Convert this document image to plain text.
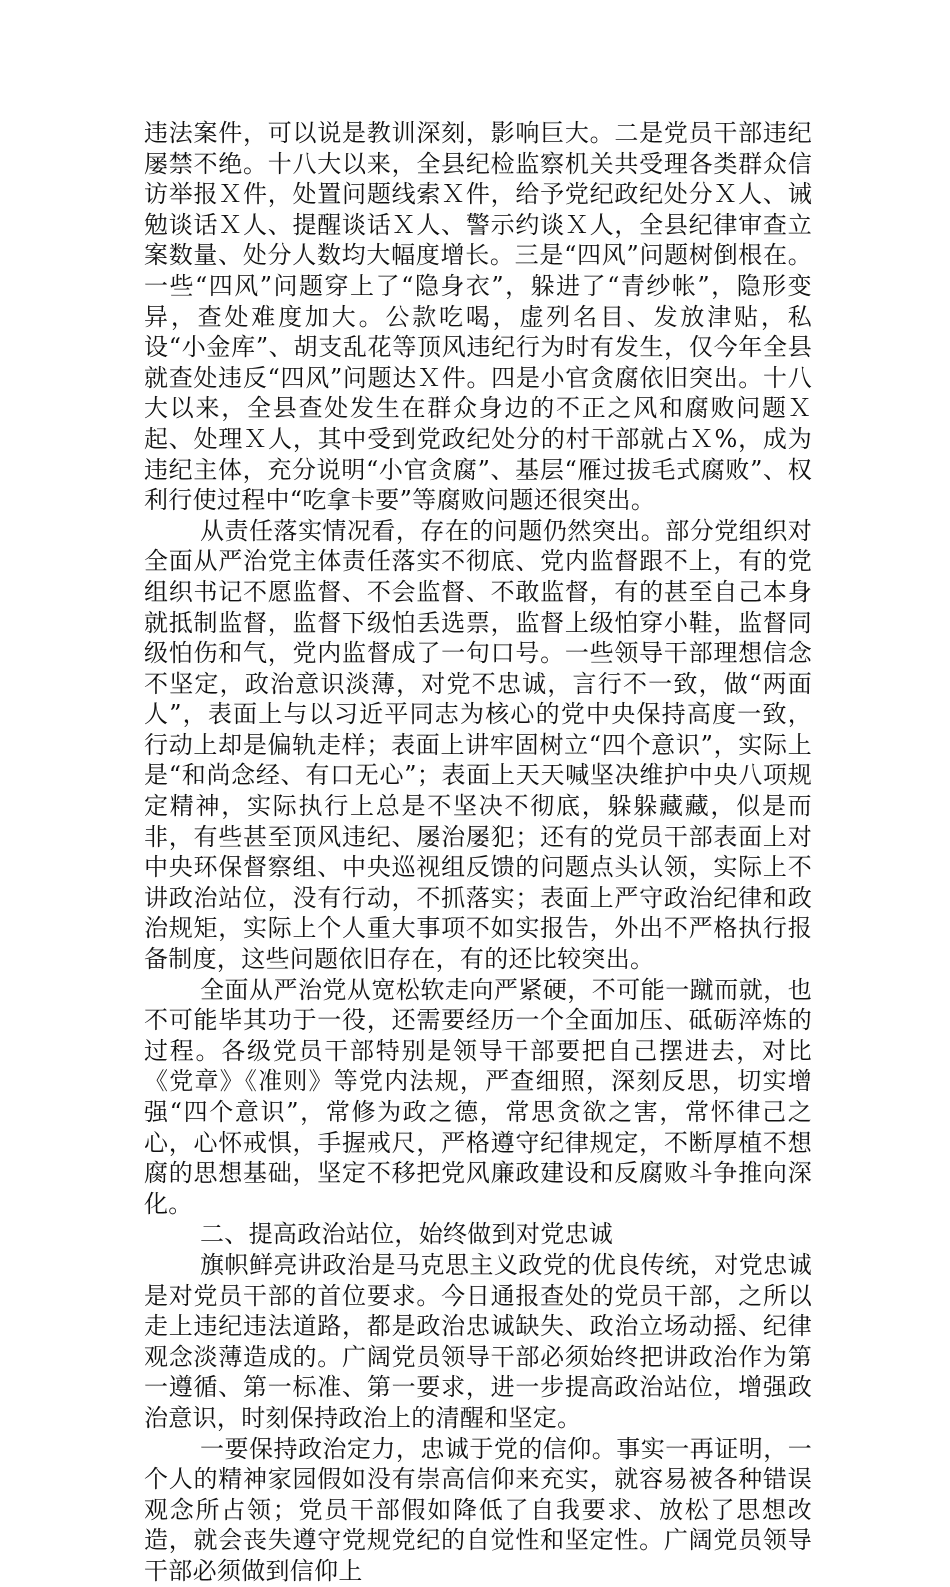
违法案件，可以说是教训深刻，影响巨大。二是党员干部违纪屡禁不绝。十八大以来，全县纪检监察机关共受理各类群众信访举报Ｘ件，处置问题线索Ｘ件，给予党纪政纪处分Ｘ人、诫勉谈话Ｘ人、提醒谈话Ｘ人、警示约谈Ｘ人，全县纪律审查立案数量、处分人数均大幅度增长。三是“四风”问题树倒根在。一些“四风”问题穿上了“隐身衣”，躲进了“青纱帐”，隐形变异，查处难度加大。公款吃喝，虚列名目、发放津贴，私设“小金库”、胡支乱花等顶风违纪行为时有发生，仅今年全县就查处违反“四风”问题达Ｘ件。四是小官贪腐依旧突出。十八大以来，全县查处发生在群众身边的不正之风和腐败问题Ｘ起、处理Ｘ人，其中受到党政纪处分的村干部就占Ｘ%，成为违纪主体，充分说明“小官贪腐”、基层“雁过拔毛式腐败”、权利行使过程中“吃拿卡要”等腐败问题还很突出。

从责任落实情况看，存在的问题仍然突出。部分党组织对全面从严治党主体责任落实不彻底、党内监督跟不上，有的党组织书记不愿监督、不会监督、不敢监督，有的甚至自己本身就抵制监督，监督下级怕丢选票，监督上级怕穿小鞋，监督同级怕伤和气，党内监督成了一句口号。一些领导干部理想信念不坚定，政治意识淡薄，对党不忠诚，言行不一致，做“两面人”，表面上与以习近平同志为核心的党中央保持高度一致，行动上却是偏轨走样；表面上讲牢固树立“四个意识”，实际上是“和尚念经、有口无心”；表面上天天喊坚决维护中央八项规定精神，实际执行上总是不坚决不彻底，躲躲藏藏，似是而非，有些甚至顶风违纪、屡治屡犯；还有的党员干部表面上对中央环保督察组、中央巡视组反馈的问题点头认领，实际上不讲政治站位，没有行动，不抓落实；表面上严守政治纪律和政治规矩，实际上个人重大事项不如实报告，外出不严格执行报备制度，这些问题依旧存在，有的还比较突出。

全面从严治党从宽松软走向严紧硬，不可能一蹴而就，也不可能毕其功于一役，还需要经历一个全面加压、砥砺淬炼的过程。各级党员干部特别是领导干部要把自己摆进去，对比《党章》《准则》等党内法规，严查细照，深刻反思，切实增强“四个意识”，常修为政之德，常思贪欲之害，常怀律己之心，心怀戒惧，手握戒尺，严格遵守纪律规定，不断厚植不想腐的思想基础，坚定不移把党风廉政建设和反腐败斗争推向深化。

二、提高政治站位，始终做到对党忠诚

旗帜鲜亮讲政治是马克思主义政党的优良传统，对党忠诚是对党员干部的首位要求。今日通报查处的党员干部，之所以走上违纪违法道路，都是政治忠诚缺失、政治立场动摇、纪律观念淡薄造成的。广阔党员领导干部必须始终把讲政治作为第一遵循、第一标准、第一要求，进一步提高政治站位，增强政治意识，时刻保持政治上的清醒和坚定。

一要保持政治定力，忠诚于党的信仰。事实一再证明，一个人的精神家园假如没有崇高信仰来充实，就容易被各种错误观念所占领；党员干部假如降低了自我要求、放松了思想改造，就会丧失遵守党规党纪的自觉性和坚定性。广阔党员领导干部必须做到信仰上
